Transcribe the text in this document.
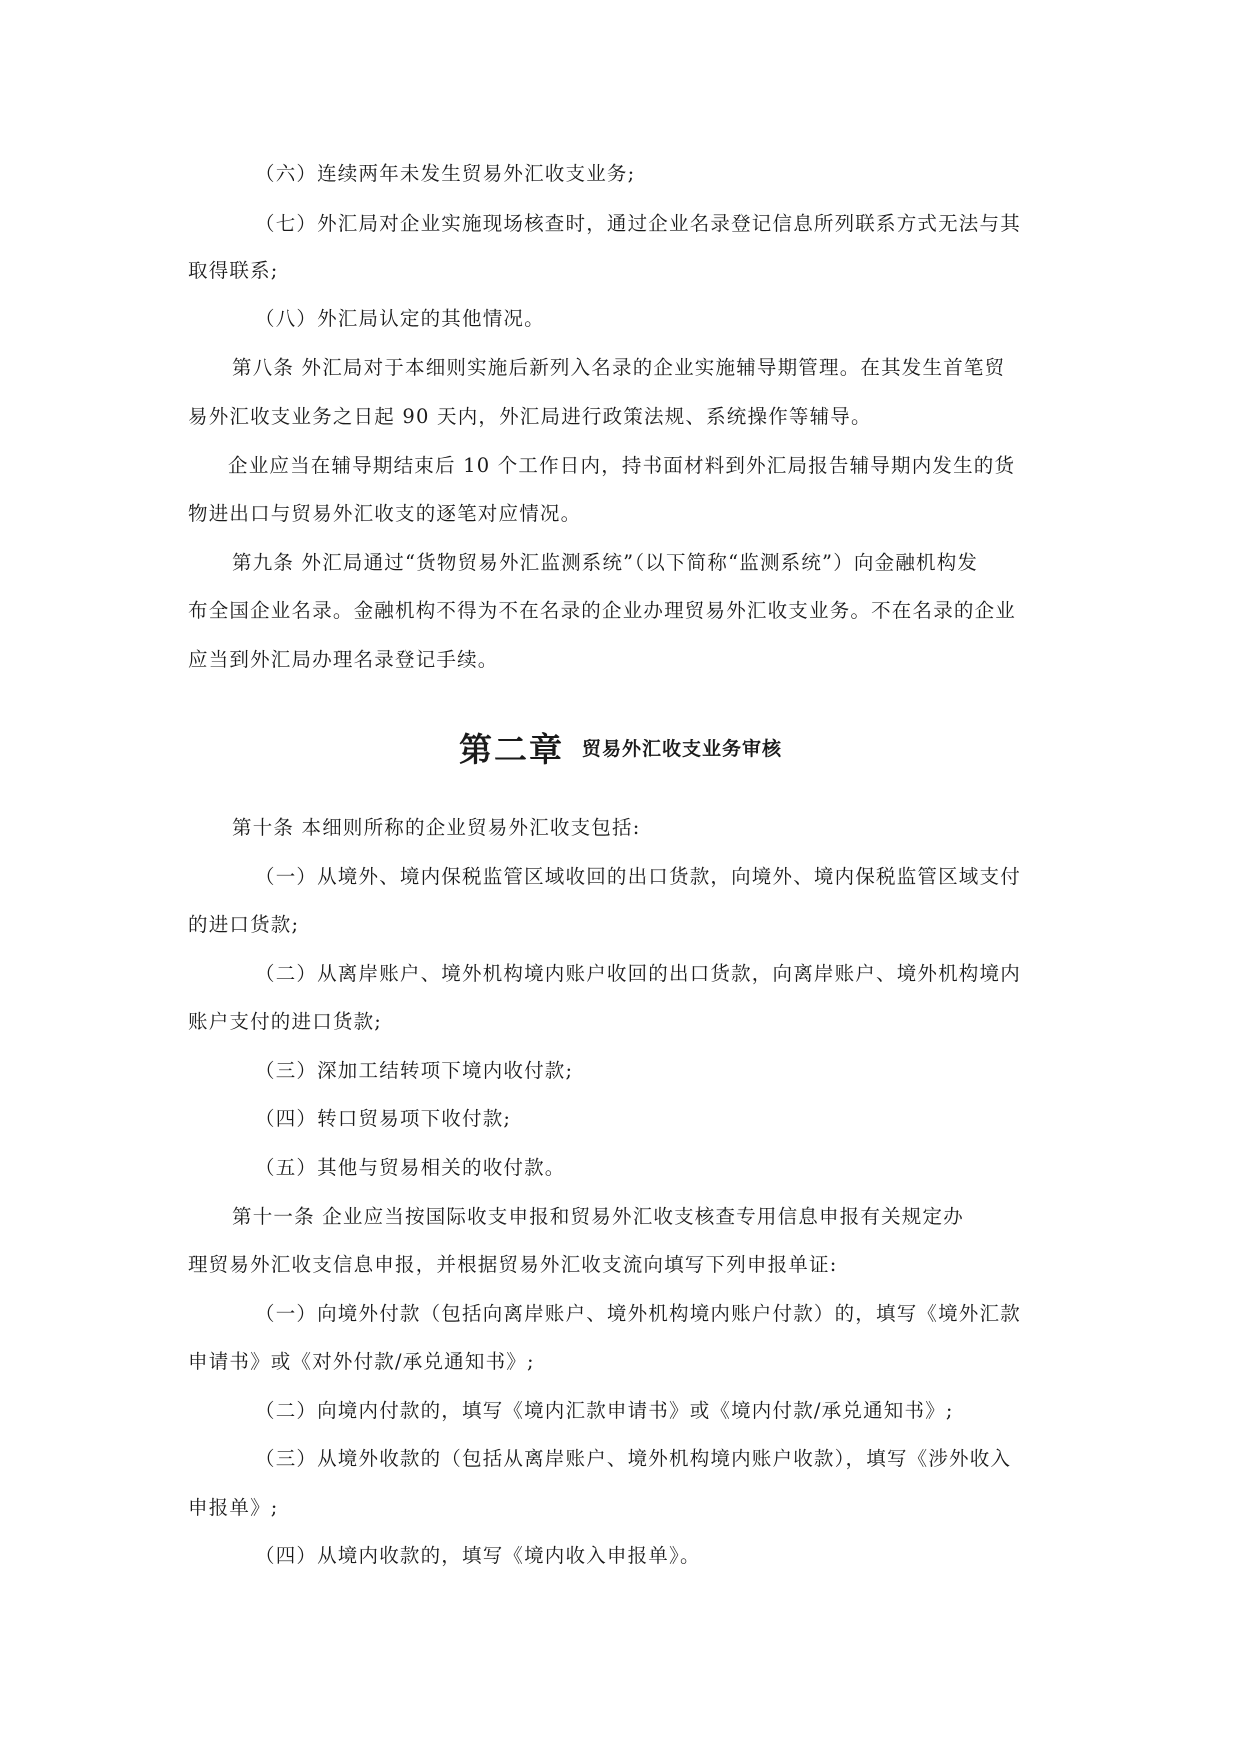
（六）连续两年未发生贸易外汇收支业务;
（七）外汇局对企业实施现场核查时，通过企业名录登记信息所列联系方式无法与其
取得联系;
（八）外汇局认定的其他情况。
第八条 外汇局对于本细则实施后新列入名录的企业实施辅导期管理。在其发生首笔贸
易外汇收支业务之日起 90 天内，外汇局进行政策法规、系统操作等辅导。
企业应当在辅导期结束后 10 个工作日内，持书面材料到外汇局报告辅导期内发生的货
物进出口与贸易外汇收支的逐笔对应情况。
第九条 外汇局通过“货物贸易外汇监测系统”（以下简称“监测系统”）向金融机构发
布全国企业名录。金融机构不得为不在名录的企业办理贸易外汇收支业务。不在名录的企业
应当到外汇局办理名录登记手续。
第二章 贸易外汇收支业务审核
第十条 本细则所称的企业贸易外汇收支包括:
（一）从境外、境内保税监管区域收回的出口货款，向境外、境内保税监管区域支付
的进口货款;
（二）从离岸账户、境外机构境内账户收回的出口货款，向离岸账户、境外机构境内
账户支付的进口货款;
（三）深加工结转项下境内收付款;
（四）转口贸易项下收付款;
（五）其他与贸易相关的收付款。
第十一条 企业应当按国际收支申报和贸易外汇收支核查专用信息申报有关规定办
理贸易外汇收支信息申报，并根据贸易外汇收支流向填写下列申报单证:
（一）向境外付款（包括向离岸账户、境外机构境内账户付款）的，填写《境外汇款
申请书》或《对外付款/承兑通知书》;
（二）向境内付款的，填写《境内汇款申请书》或《境内付款/承兑通知书》;
（三）从境外收款的（包括从离岸账户、境外机构境内账户收款），填写《涉外收入
申报单》;
（四）从境内收款的，填写《境内收入申报单》。
